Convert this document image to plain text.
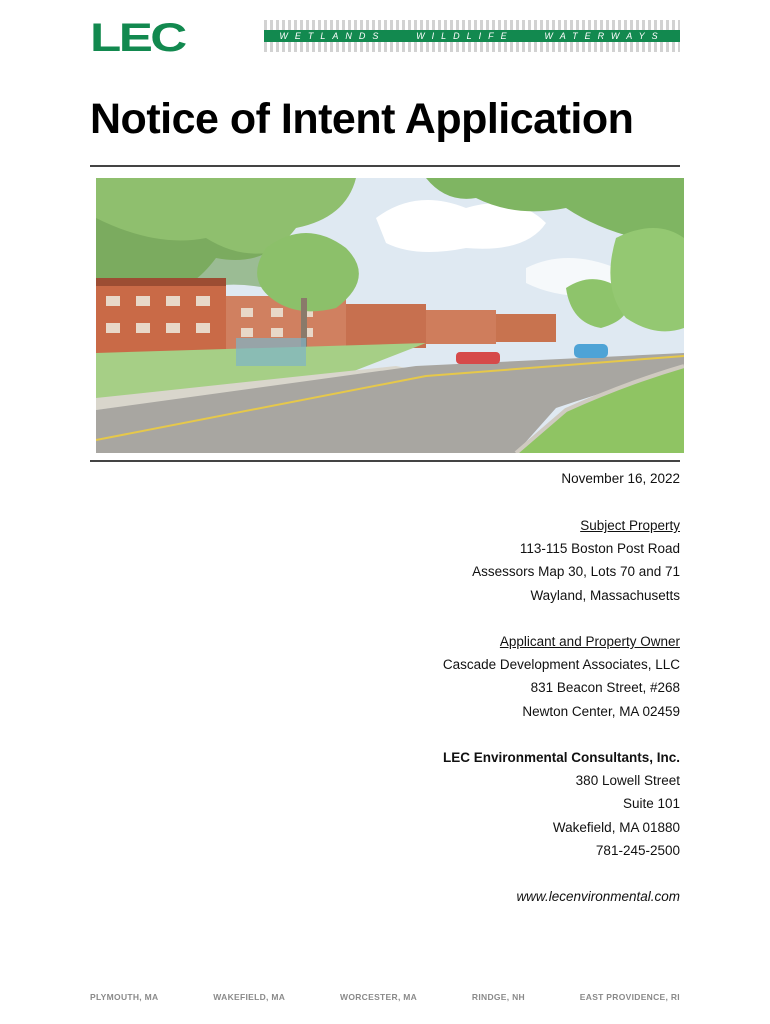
LEC	WETLANDS	WILDLIFE	WATERWAYS
Notice of Intent Application
November 16, 2022
Subject Property
113-115 Boston Post Road
Assessors Map 30, Lots 70 and 71
Wayland, Massachusetts
Applicant and Property Owner
Cascade Development Associates, LLC
831 Beacon Street, #268
Newton Center, MA 02459
LEC Environmental Consultants, Inc.
380 Lowell Street
Suite 101
Wakefield, MA 01880
781-245-2500
www.lecenvironmental.com
PLYMOUTH, MA	WAKEFIELD, MA	WORCESTER, MA	RINDGE, NH	EAST PROVIDENCE, RI
